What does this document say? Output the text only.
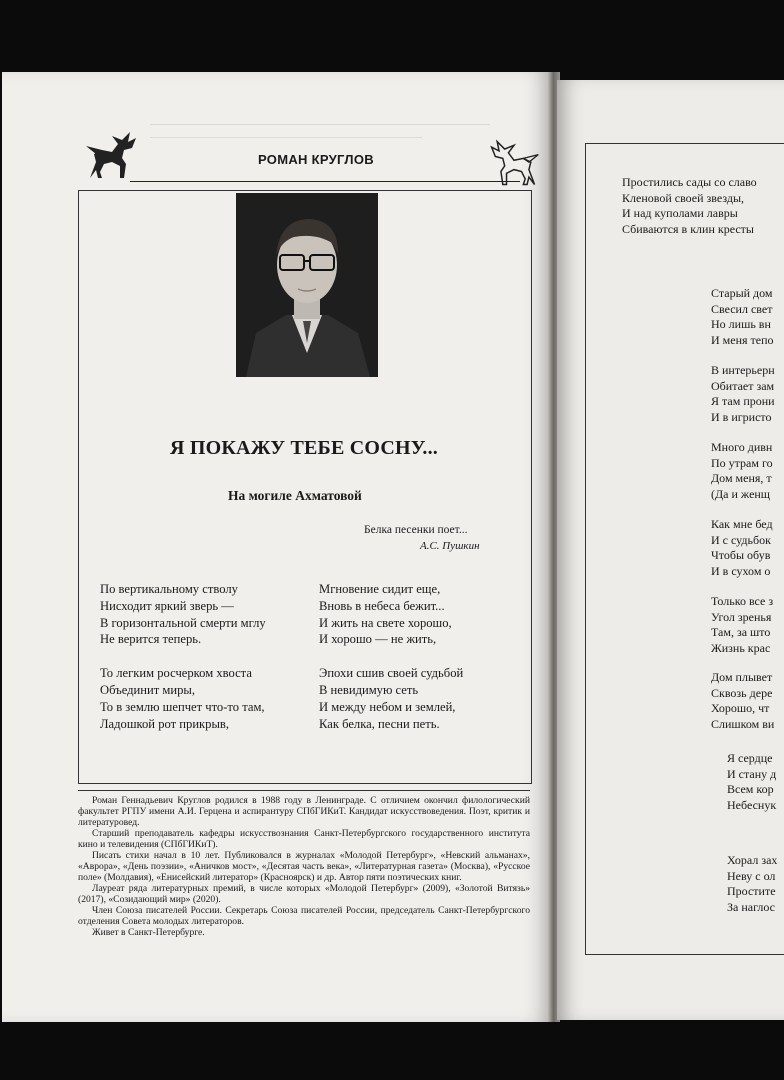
РОМАН КРУГЛОВ
Я ПОКАЖУ ТЕБЕ СОСНУ...
На могиле Ахматовой
Белка песенки поет...
А.С. Пушкин
По вертикальному стволу
Нисходит яркий зверь —
В горизонтальной смерти мглу
Не верится теперь.
То легким росчерком хвоста
Объединит миры,
То в землю шепчет что-то там,
Ладошкой рот прикрыв,
Мгновение сидит еще,
Вновь в небеса бежит...
И жить на свете хорошо,
И хорошо — не жить,
Эпохи сшив своей судьбой
В невидимую сеть
И между небом и землей,
Как белка, песни петь.

Роман Геннадьевич Круглов родился в 1988 году в Ленинграде. С отличием окончил филологический факультет РГПУ имени А.И. Герцена и аспирантуру СПбГИКиТ. Кандидат искусствоведения. Поэт, критик и литературовед.

Старший преподаватель кафедры искусствознания Санкт-Петербургского государственного института кино и телевидения (СПбГИКиТ).

Писать стихи начал в 10 лет. Публиковался в журналах «Молодой Петербург», «Невский альманах», «Аврора», «День поэзии», «Аничков мост», «Десятая часть века», «Литературная газета» (Москва), «Русское поле» (Молдавия), «Енисейский литератор» (Красноярск) и др. Автор пяти поэтических книг.

Лауреат ряда литературных премий, в числе которых «Молодой Петербург» (2009), «Золотой Витязь» (2017), «Созидающий мир» (2020).

Член Союза писателей России. Секретарь Союза писателей России, председатель Санкт-Петербургского отделения Совета молодых литераторов.

Живет в Санкт-Петербурге.

Простились сады со славо
Кленовой своей звезды,
И над куполами лавры
Сбиваются в клин кресты
Старый дом
Свесил свет
Но лишь вн
И меня тепо
В интерьерн
Обитает зам
Я там прони
И в игристо
Много дивн
По утрам го
Дом меня, т
(Да и женщ
Как мне бед
И с судьбок
Чтобы обув
И в сухом о
Только все з
Угол зренья
Там, за што
Жизнь крас
Дом плывет
Сквозь дере
Хорошо, чт
Слишком ви
Я сердце
И стану д
Всем кор
Небеснук
Хорал зах
Неву с ол
Простите
За наглос
